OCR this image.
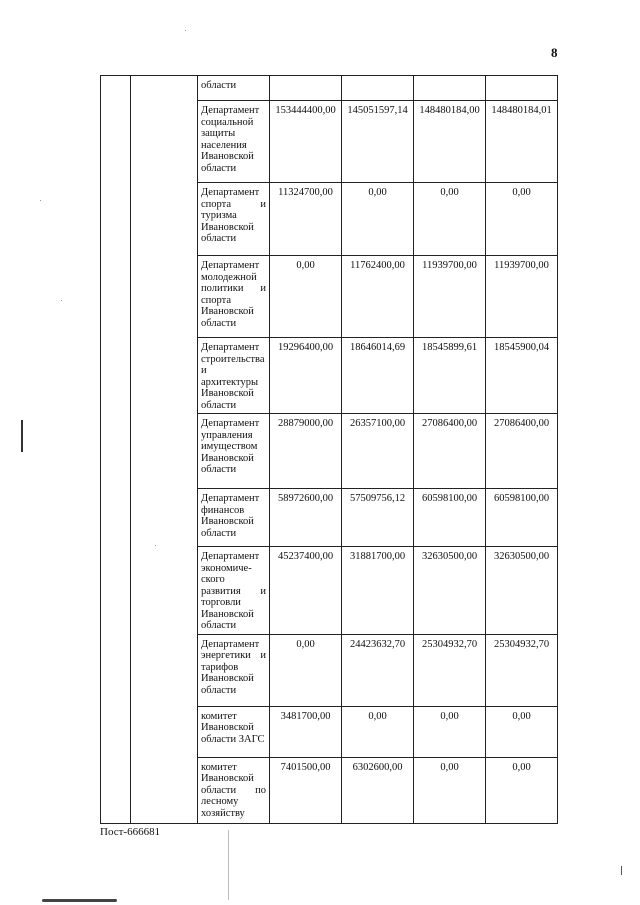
8
		области				
		Департамент социальной защиты населения Ивановской области	153444400,00	145051597,14	148480184,00	148480184,01
		Департамент спорта и туризма Ивановской области	11324700,00	0,00	0,00	0,00
		Департамент молодежной политики и спорта Ивановской области	0,00	11762400,00	11939700,00	11939700,00
		Департамент строительства и архитектуры Ивановской области	19296400,00	18646014,69	18545899,61	18545900,04
		Департамент управления имуществом Ивановской области	28879000,00	26357100,00	27086400,00	27086400,00
		Департамент финансов Ивановской области	58972600,00	57509756,12	60598100,00	60598100,00
		Департамент экономиче-ского развития и торговли Ивановской области	45237400,00	31881700,00	32630500,00	32630500,00
		Департамент энергетики и тарифов Ивановской области	0,00	24423632,70	25304932,70	25304932,70
		комитет Ивановской области ЗАГС	3481700,00	0,00	0,00	0,00
		комитет Ивановской области по лесному хозяйству	7401500,00	6302600,00	0,00	0,00
Пост-666681
